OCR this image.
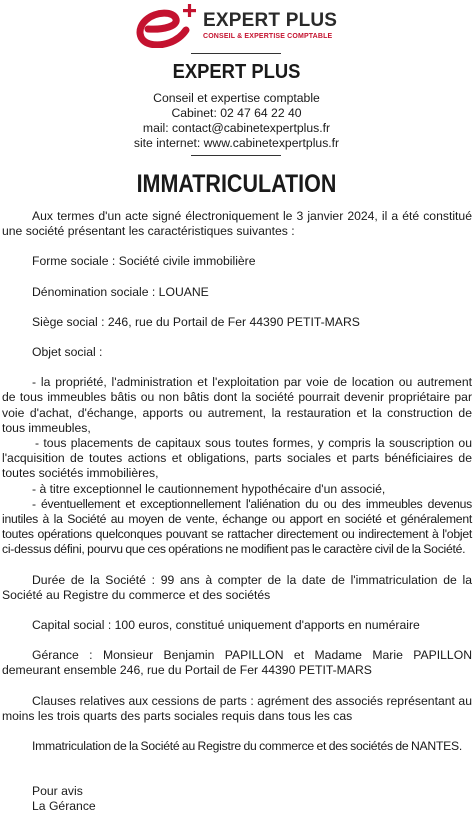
EXPERT PLUS
CONSEIL & EXPERTISE COMPTABLE
EXPERT PLUS
Conseil et expertise comptable
Cabinet: 02 47 64 22 40
mail: contact@cabinetexpertplus.fr
site internet: www.cabinetexpertplus.fr
IMMATRICULATION

Aux termes d'un acte signé électroniquement le 3 janvier 2024, il a été constitué une société présentant les caractéristiques suivantes :

Forme sociale : Société civile immobilière

Dénomination sociale : LOUANE

Siège social : 246, rue du Portail de Fer 44390 PETIT-MARS

Objet social :

- la propriété, l'administration et l'exploitation par voie de location ou autrement de tous immeubles bâtis ou non bâtis dont la société pourrait devenir propriétaire par voie d'achat, d'échange, apports ou autrement, la restauration et la construction de tous immeubles,

- tous placements de capitaux sous toutes formes, y compris la souscription ou l'acquisition de toutes actions et obligations, parts sociales et parts bénéficiaires de toutes sociétés immobilières,

- à titre exceptionnel le cautionnement hypothécaire d'un associé,

- éventuellement et exceptionnellement l'aliénation du ou des immeubles devenus inutiles à la Société au moyen de vente, échange ou apport en société et généralement toutes opérations quelconques pouvant se rattacher directement ou indirectement à l'objet ci-dessus défini, pourvu que ces opérations ne modifient pas le caractère civil de la Société.

Durée de la Société : 99 ans à compter de la date de l'immatriculation de la Société au Registre du commerce et des sociétés

Capital social : 100 euros, constitué uniquement d'apports en numéraire

Gérance : Monsieur Benjamin PAPILLON et Madame Marie PAPILLON demeurant ensemble 246, rue du Portail de Fer 44390 PETIT-MARS

Clauses relatives aux cessions de parts : agrément des associés représentant au moins les trois quarts des parts sociales requis dans tous les cas

Immatriculation de la Société au Registre du commerce et des sociétés de NANTES.

Pour avis

La Gérance
